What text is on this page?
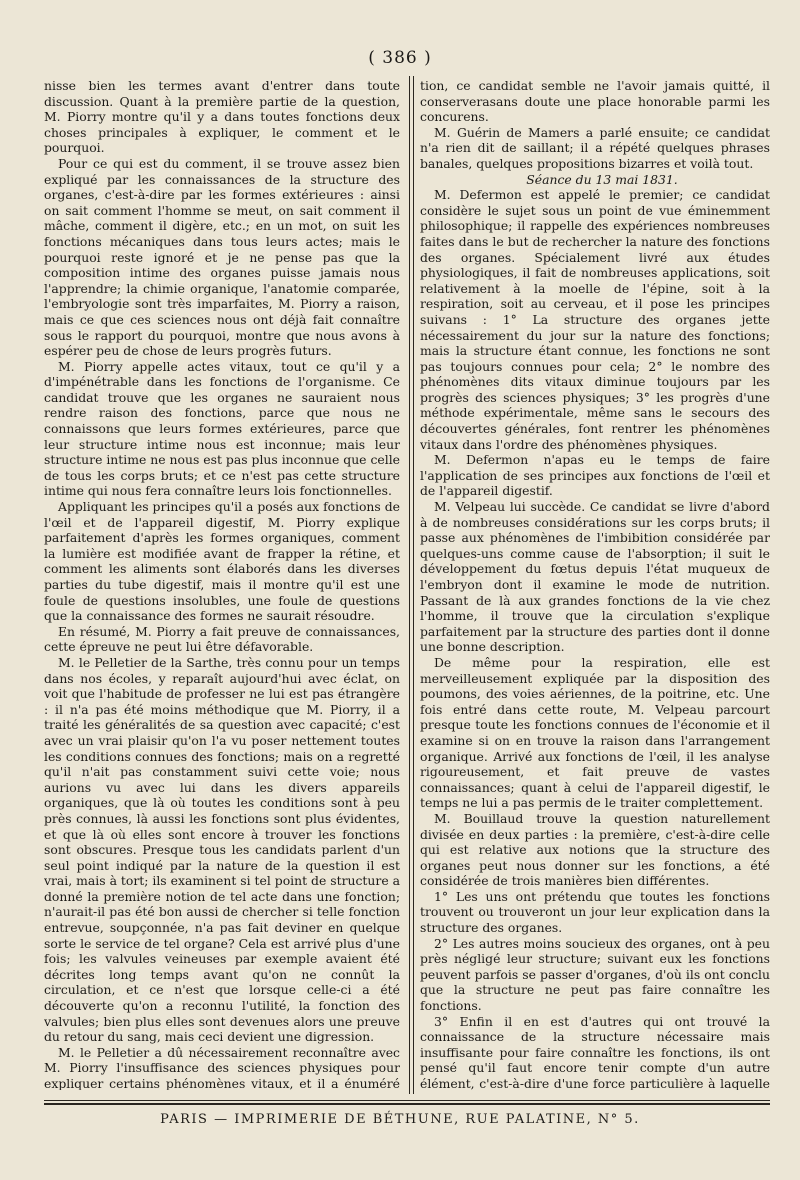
( 386 )

nisse bien les termes avant d'entrer dans toute discussion. Quant à la première partie de la question, M. Piorry montre qu'il y a dans toutes fonctions deux choses principales à expliquer, le comment et le pourquoi.

Pour ce qui est du comment, il se trouve assez bien expliqué par les connaissances de la structure des organes, c'est-à-dire par les formes extérieures : ainsi on sait comment l'homme se meut, on sait comment il mâche, comment il digère, etc.; en un mot, on suit les fonctions mécaniques dans tous leurs actes; mais le pourquoi reste ignoré et je ne pense pas que la composition intime des organes puisse jamais nous l'apprendre; la chimie organique, l'anatomie comparée, l'embryologie sont très imparfaites, M. Piorry a raison, mais ce que ces sciences nous ont déjà fait connaître sous le rapport du pourquoi, montre que nous avons à espérer peu de chose de leurs progrès futurs.

M. Piorry appelle actes vitaux, tout ce qu'il y a d'impénétrable dans les fonctions de l'organisme. Ce candidat trouve que les organes ne sauraient nous rendre raison des fonctions, parce que nous ne connaissons que leurs formes extérieures, parce que leur structure intime nous est inconnue; mais leur structure intime ne nous est pas plus inconnue que celle de tous les corps bruts; et ce n'est pas cette structure intime qui nous fera connaître leurs lois fonctionnelles.

Appliquant les principes qu'il a posés aux fonctions de l'œil et de l'appareil digestif, M. Piorry explique parfaitement d'après les formes organiques, comment la lumière est modifiée avant de frapper la rétine, et comment les aliments sont élaborés dans les diverses parties du tube digestif, mais il montre qu'il est une foule de questions insolubles, une foule de questions que la connaissance des formes ne saurait résoudre.

En résumé, M. Piorry a fait preuve de connaissances, cette épreuve ne peut lui être défavorable.

M. le Pelletier de la Sarthe, très connu pour un temps dans nos écoles, y reparaît aujourd'hui avec éclat, on voit que l'habitude de professer ne lui est pas étrangère : il n'a pas été moins méthodique que M. Piorry, il a traité les généralités de sa question avec capacité; c'est avec un vrai plaisir qu'on l'a vu poser nettement toutes les conditions connues des fonctions; mais on a regretté qu'il n'ait pas constamment suivi cette voie; nous aurions vu avec lui dans les divers appareils organiques, que là où toutes les conditions sont à peu près connues, là aussi les fonctions sont plus évidentes, et que là où elles sont encore à trouver les fonctions sont obscures. Presque tous les candidats parlent d'un seul point indiqué par la nature de la question il est vrai, mais à tort; ils examinent si tel point de structure a donné la première notion de tel acte dans une fonction; n'aurait-il pas été bon aussi de chercher si telle fonction entrevue, soupçonnée, n'a pas fait deviner en quelque sorte le service de tel organe? Cela est arrivé plus d'une fois; les valvules veineuses par exemple avaient été décrites long temps avant qu'on ne connût la circulation, et ce n'est que lorsque celle-ci a été découverte qu'on a reconnu l'utilité, la fonction des valvules; bien plus elles sont devenues alors une preuve du retour du sang, mais ceci devient une digression.

M. le Pelletier a dû nécessairement reconnaître avec M. Piorry l'insuffisance des sciences physiques pour expliquer certains phénomènes vitaux, et il a énuméré

tion, ce candidat semble ne l'avoir jamais quitté, il conserverasans doute une place honorable parmi les concurens.

M. Guérin de Mamers a parlé ensuite; ce candidat n'a rien dit de saillant; il a répété quelques phrases banales, quelques propositions bizarres et voilà tout.

Séance du 13 mai 1831.

M. Defermon est appelé le premier; ce candidat considère le sujet sous un point de vue éminemment philosophique; il rappelle des expériences nombreuses faites dans le but de rechercher la nature des fonctions des organes. Spécialement livré aux études physiologiques, il fait de nombreuses applications, soit relativement à la moelle de l'épine, soit à la respiration, soit au cerveau, et il pose les principes suivans : 1° La structure des organes jette nécessairement du jour sur la nature des fonctions; mais la structure étant connue, les fonctions ne sont pas toujours connues pour cela; 2° le nombre des phénomènes dits vitaux diminue toujours par les progrès des sciences physiques; 3° les progrès d'une méthode expérimentale, même sans le secours des découvertes générales, font rentrer les phénomènes vitaux dans l'ordre des phénomènes physiques.

M. Defermon n'apas eu le temps de faire l'application de ses principes aux fonctions de l'œil et de l'appareil digestif.

M. Velpeau lui succède. Ce candidat se livre d'abord à de nombreuses considérations sur les corps bruts; il passe aux phénomènes de l'imbibition considérée par quelques-uns comme cause de l'absorption; il suit le développement du fœtus depuis l'état muqueux de l'embryon dont il examine le mode de nutrition. Passant de là aux grandes fonctions de la vie chez l'homme, il trouve que la circulation s'explique parfaitement par la structure des parties dont il donne une bonne description.

De même pour la respiration, elle est merveilleusement expliquée par la disposition des poumons, des voies aériennes, de la poitrine, etc. Une fois entré dans cette route, M. Velpeau parcourt presque toute les fonctions connues de l'économie et il examine si on en trouve la raison dans l'arrangement organique. Arrivé aux fonctions de l'œil, il les analyse rigoureusement, et fait preuve de vastes connaissances; quant à celui de l'appareil digestif, le temps ne lui a pas permis de le traiter complettement.

M. Bouillaud trouve la question naturellement divisée en deux parties : la première, c'est-à-dire celle qui est relative aux notions que la structure des organes peut nous donner sur les fonctions, a été considérée de trois manières bien différentes.

1° Les uns ont prétendu que toutes les fonctions trouvent ou trouveront un jour leur explication dans la structure des organes.

2° Les autres moins soucieux des organes, ont à peu près négligé leur structure; suivant eux les fonctions peuvent parfois se passer d'organes, d'où ils ont conclu que la structure ne peut pas faire connaître les fonctions.

3° Enfin il en est d'autres qui ont trouvé la connaissance de la structure nécessaire mais insuffisante pour faire connaître les fonctions, ils ont pensé qu'il faut encore tenir compte d'un autre élément, c'est-à-dire d'une force particulière à laquelle

PARIS — IMPRIMERIE DE BÉTHUNE, RUE PALATINE, N° 5.
